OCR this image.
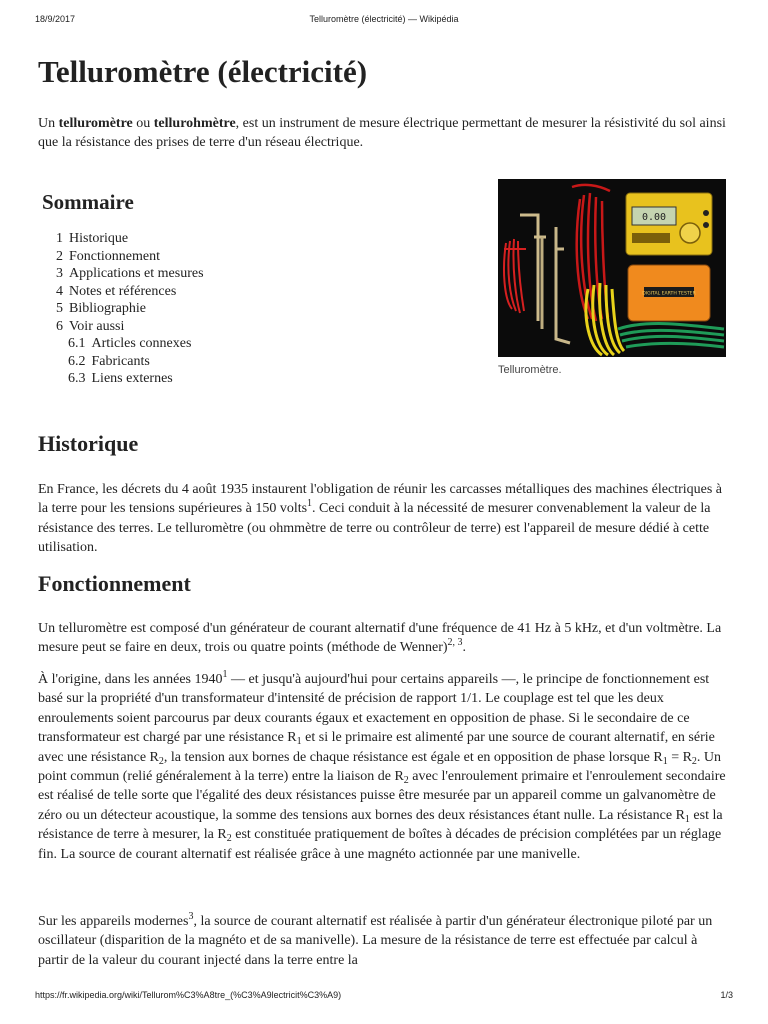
18/9/2017	Telluromètre (électricité) — Wikipédia
Telluromètre (électricité)

Un telluromètre ou tellurohmètre, est un instrument de mesure électrique permettant de mesurer la résistivité du sol ainsi que la résistance des prises de terre d'un réseau électrique.

Sommaire
1 Historique
2 Fonctionnement
3 Applications et mesures
4 Notes et références
5 Bibliographie
6 Voir aussi
6.1 Articles connexes
6.2 Fabricants
6.3 Liens externes
0.00
DIGITAL EARTH TESTER
Telluromètre.
Historique

En France, les décrets du 4 août 1935 instaurent l'obligation de réunir les carcasses métalliques des machines électriques à la terre pour les tensions supérieures à 150 volts$^1$. Ceci conduit à la nécessité de mesurer convenablement la valeur de la résistance des terres. Le telluromètre (ou ohmmètre de terre ou contrôleur de terre) est l'appareil de mesure dédié à cette utilisation.

Fonctionnement

Un telluromètre est composé d'un générateur de courant alternatif d'une fréquence de 41 Hz à 5 kHz, et d'un voltmètre. La mesure peut se faire en deux, trois ou quatre points (méthode de Wenner)$^{2, 3}$.

À l'origine, dans les années 1940$^1$ — et jusqu'à aujourd'hui pour certains appareils —, le principe de fonctionnement est basé sur la propriété d'un transformateur d'intensité de précision de rapport 1/1. Le couplage est tel que les deux enroulements soient parcourus par deux courants égaux et exactement en opposition de phase. Si le secondaire de ce transformateur est chargé par une résistance $R_1$ et si le primaire est alimenté par une source de courant alternatif, en série avec une résistance $R_2$, la tension aux bornes de chaque résistance est égale et en opposition de phase lorsque $R_1 = R_2$. Un point commun (relié généralement à la terre) entre la liaison de $R_2$ avec l'enroulement primaire et l'enroulement secondaire est réalisé de telle sorte que l'égalité des deux résistances puisse être mesurée par un appareil comme un galvanomètre de zéro ou un détecteur acoustique, la somme des tensions aux bornes des deux résistances étant nulle. La résistance $R_1$ est la résistance de terre à mesurer, la $R_2$ est constituée pratiquement de boîtes à décades de précision complétées par un réglage fin. La source de courant alternatif est réalisée grâce à une magnéto actionnée par une manivelle.

Sur les appareils modernes$^3$, la source de courant alternatif est réalisée à partir d'un générateur électronique piloté par un oscillateur (disparition de la magnéto et de sa manivelle). La mesure de la résistance de terre est effectuée par calcul à partir de la valeur du courant injecté dans la terre entre la

https://fr.wikipedia.org/wiki/Tellurom%C3%A8tre_(%C3%A9lectricit%C3%A9)	1/3
